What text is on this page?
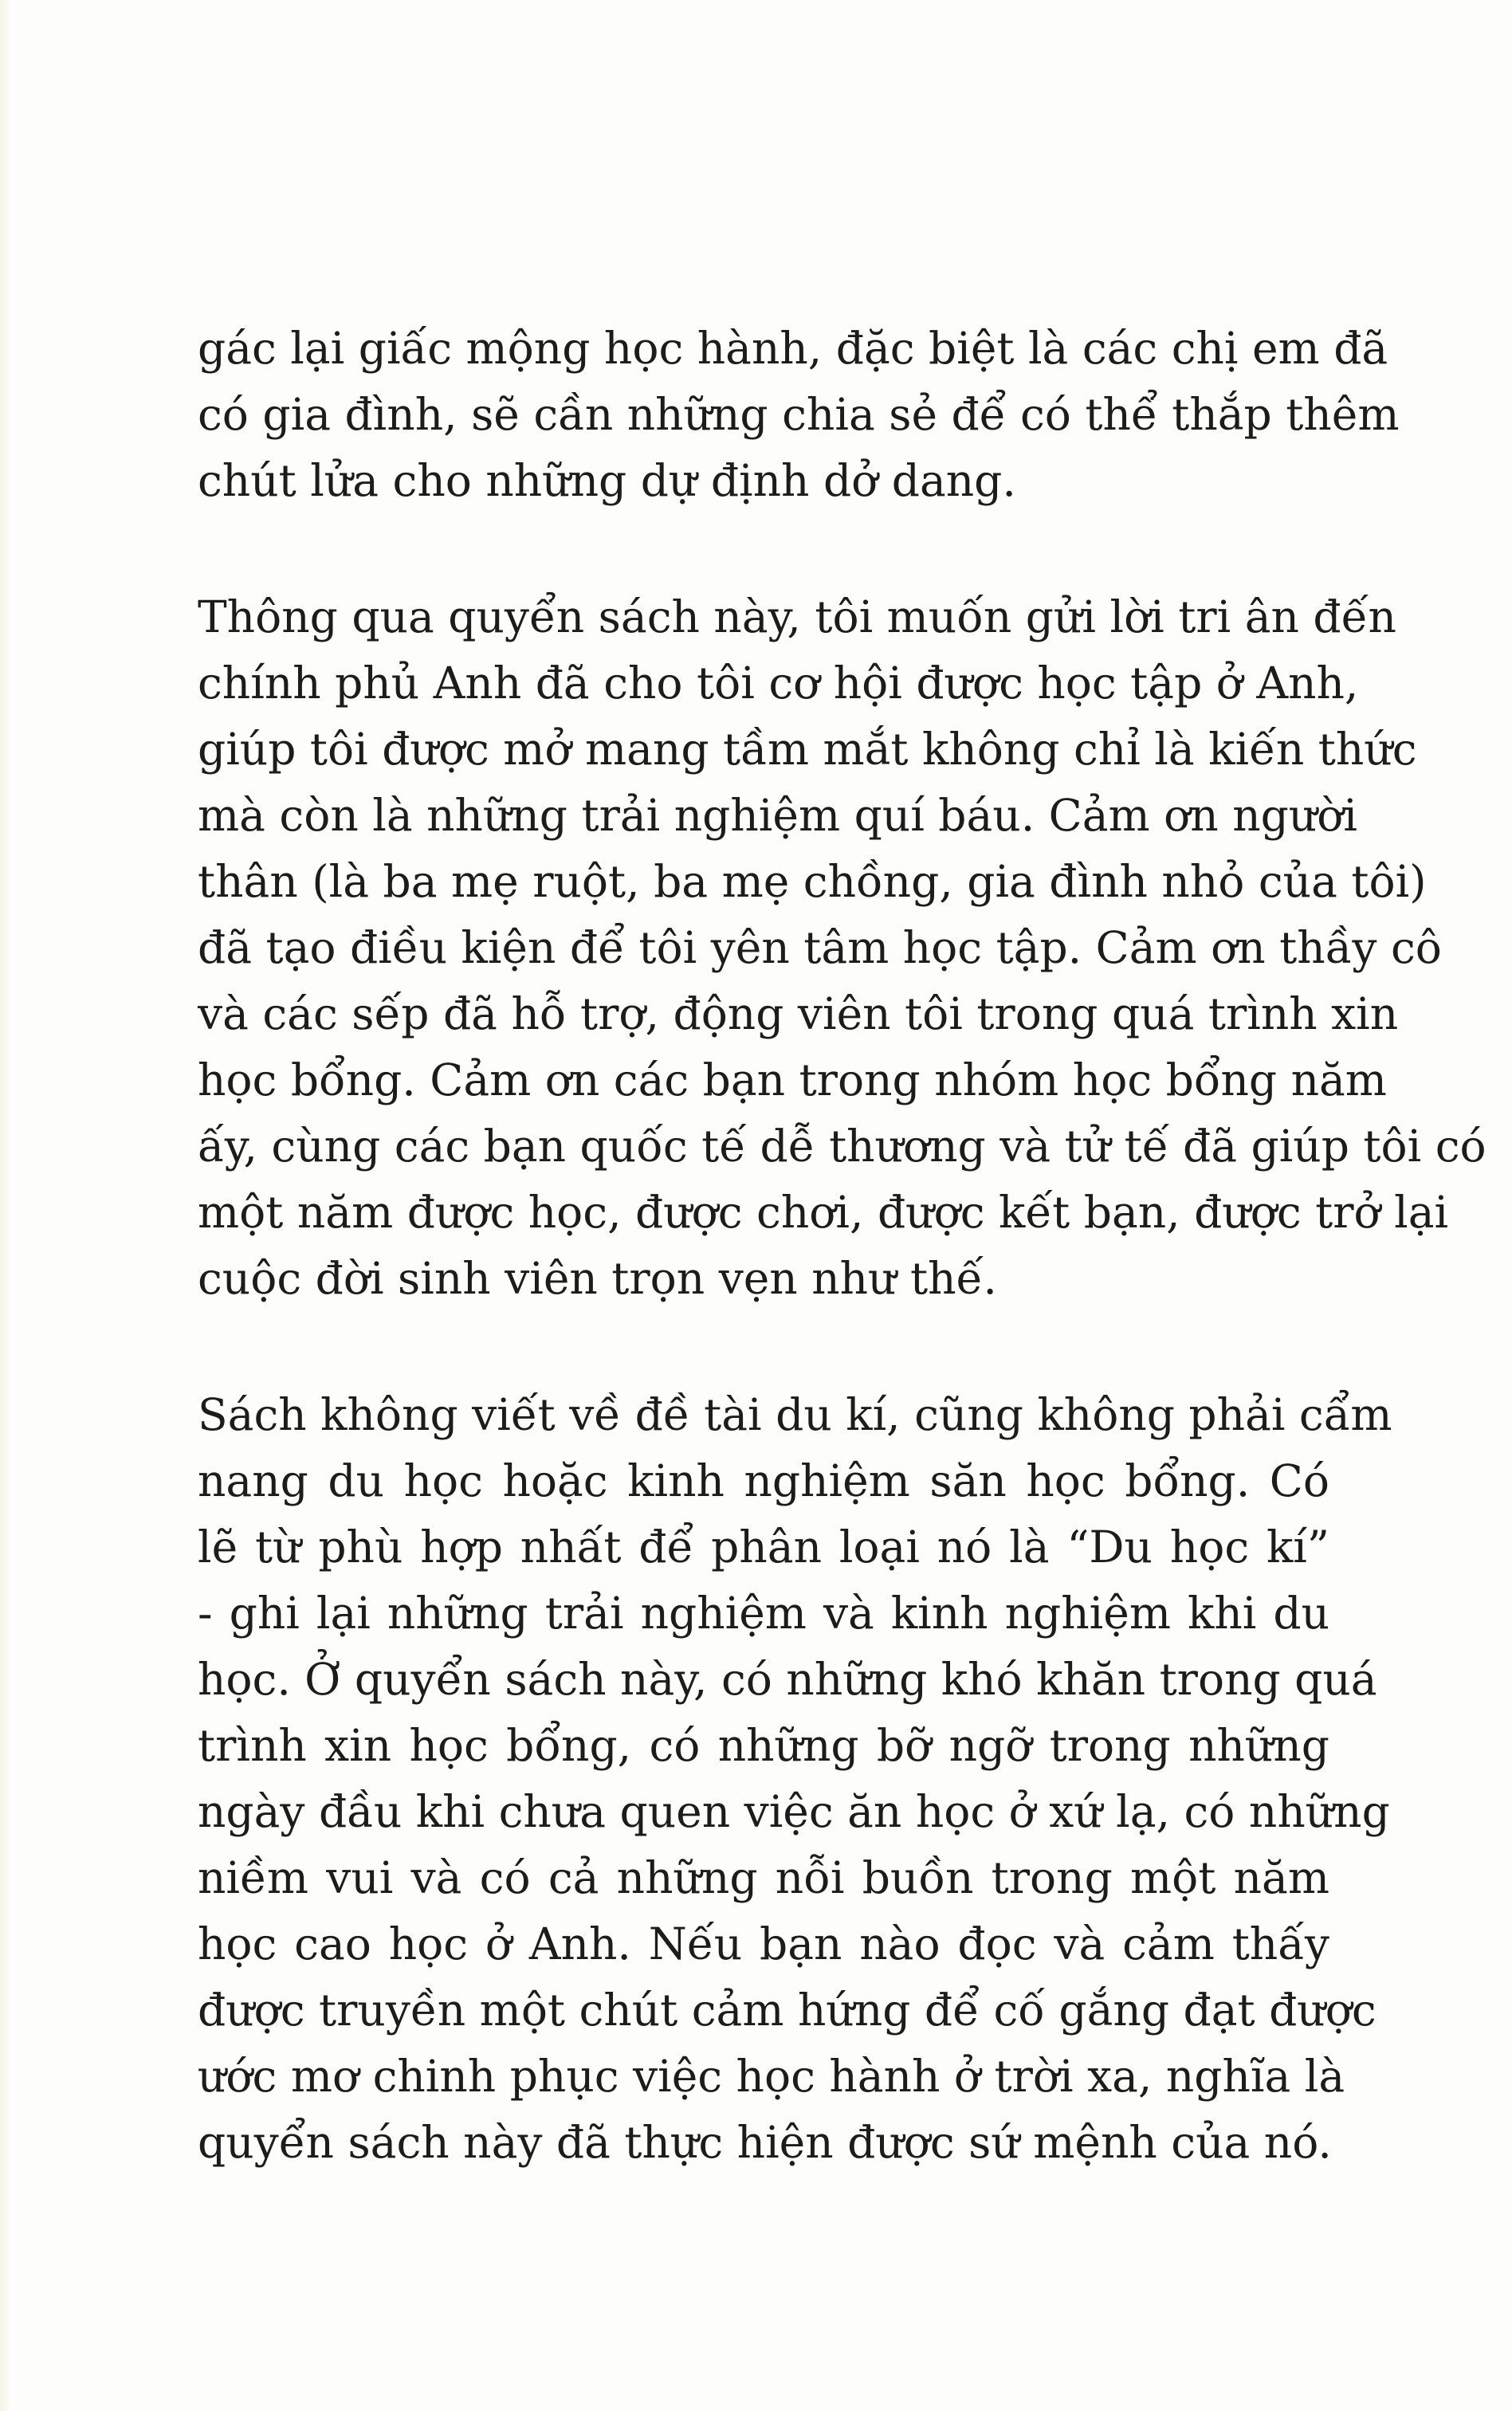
gác lại giấc mộng học hành, đặc biệt là các chị em đã
có gia đình, sẽ cần những chia sẻ để có thể thắp thêm
chút lửa cho những dự định dở dang.

Thông qua quyển sách này, tôi muốn gửi lời tri ân đến
chính phủ Anh đã cho tôi cơ hội được học tập ở Anh,
giúp tôi được mở mang tầm mắt không chỉ là kiến thức
mà còn là những trải nghiệm quí báu. Cảm ơn người
thân (là ba mẹ ruột, ba mẹ chồng, gia đình nhỏ của tôi)
đã tạo điều kiện để tôi yên tâm học tập. Cảm ơn thầy cô
và các sếp đã hỗ trợ, động viên tôi trong quá trình xin
học bổng. Cảm ơn các bạn trong nhóm học bổng năm
ấy, cùng các bạn quốc tế dễ thương và tử tế đã giúp tôi có
một năm được học, được chơi, được kết bạn, được trở lại
cuộc đời sinh viên trọn vẹn như thế.

Sách không viết về đề tài du kí, cũng không phải cẩm
nang du học hoặc kinh nghiệm săn học bổng. Có
lẽ từ phù hợp nhất để phân loại nó là “Du học kí”
- ghi lại những trải nghiệm và kinh nghiệm khi du
học. Ở quyển sách này, có những khó khăn trong quá
trình xin học bổng, có những bỡ ngỡ trong những
ngày đầu khi chưa quen việc ăn học ở xứ lạ, có những
niềm vui và có cả những nỗi buồn trong một năm
học cao học ở Anh. Nếu bạn nào đọc và cảm thấy
được truyền một chút cảm hứng để cố gắng đạt được
ước mơ chinh phục việc học hành ở trời xa, nghĩa là
quyển sách này đã thực hiện được sứ mệnh của nó.
